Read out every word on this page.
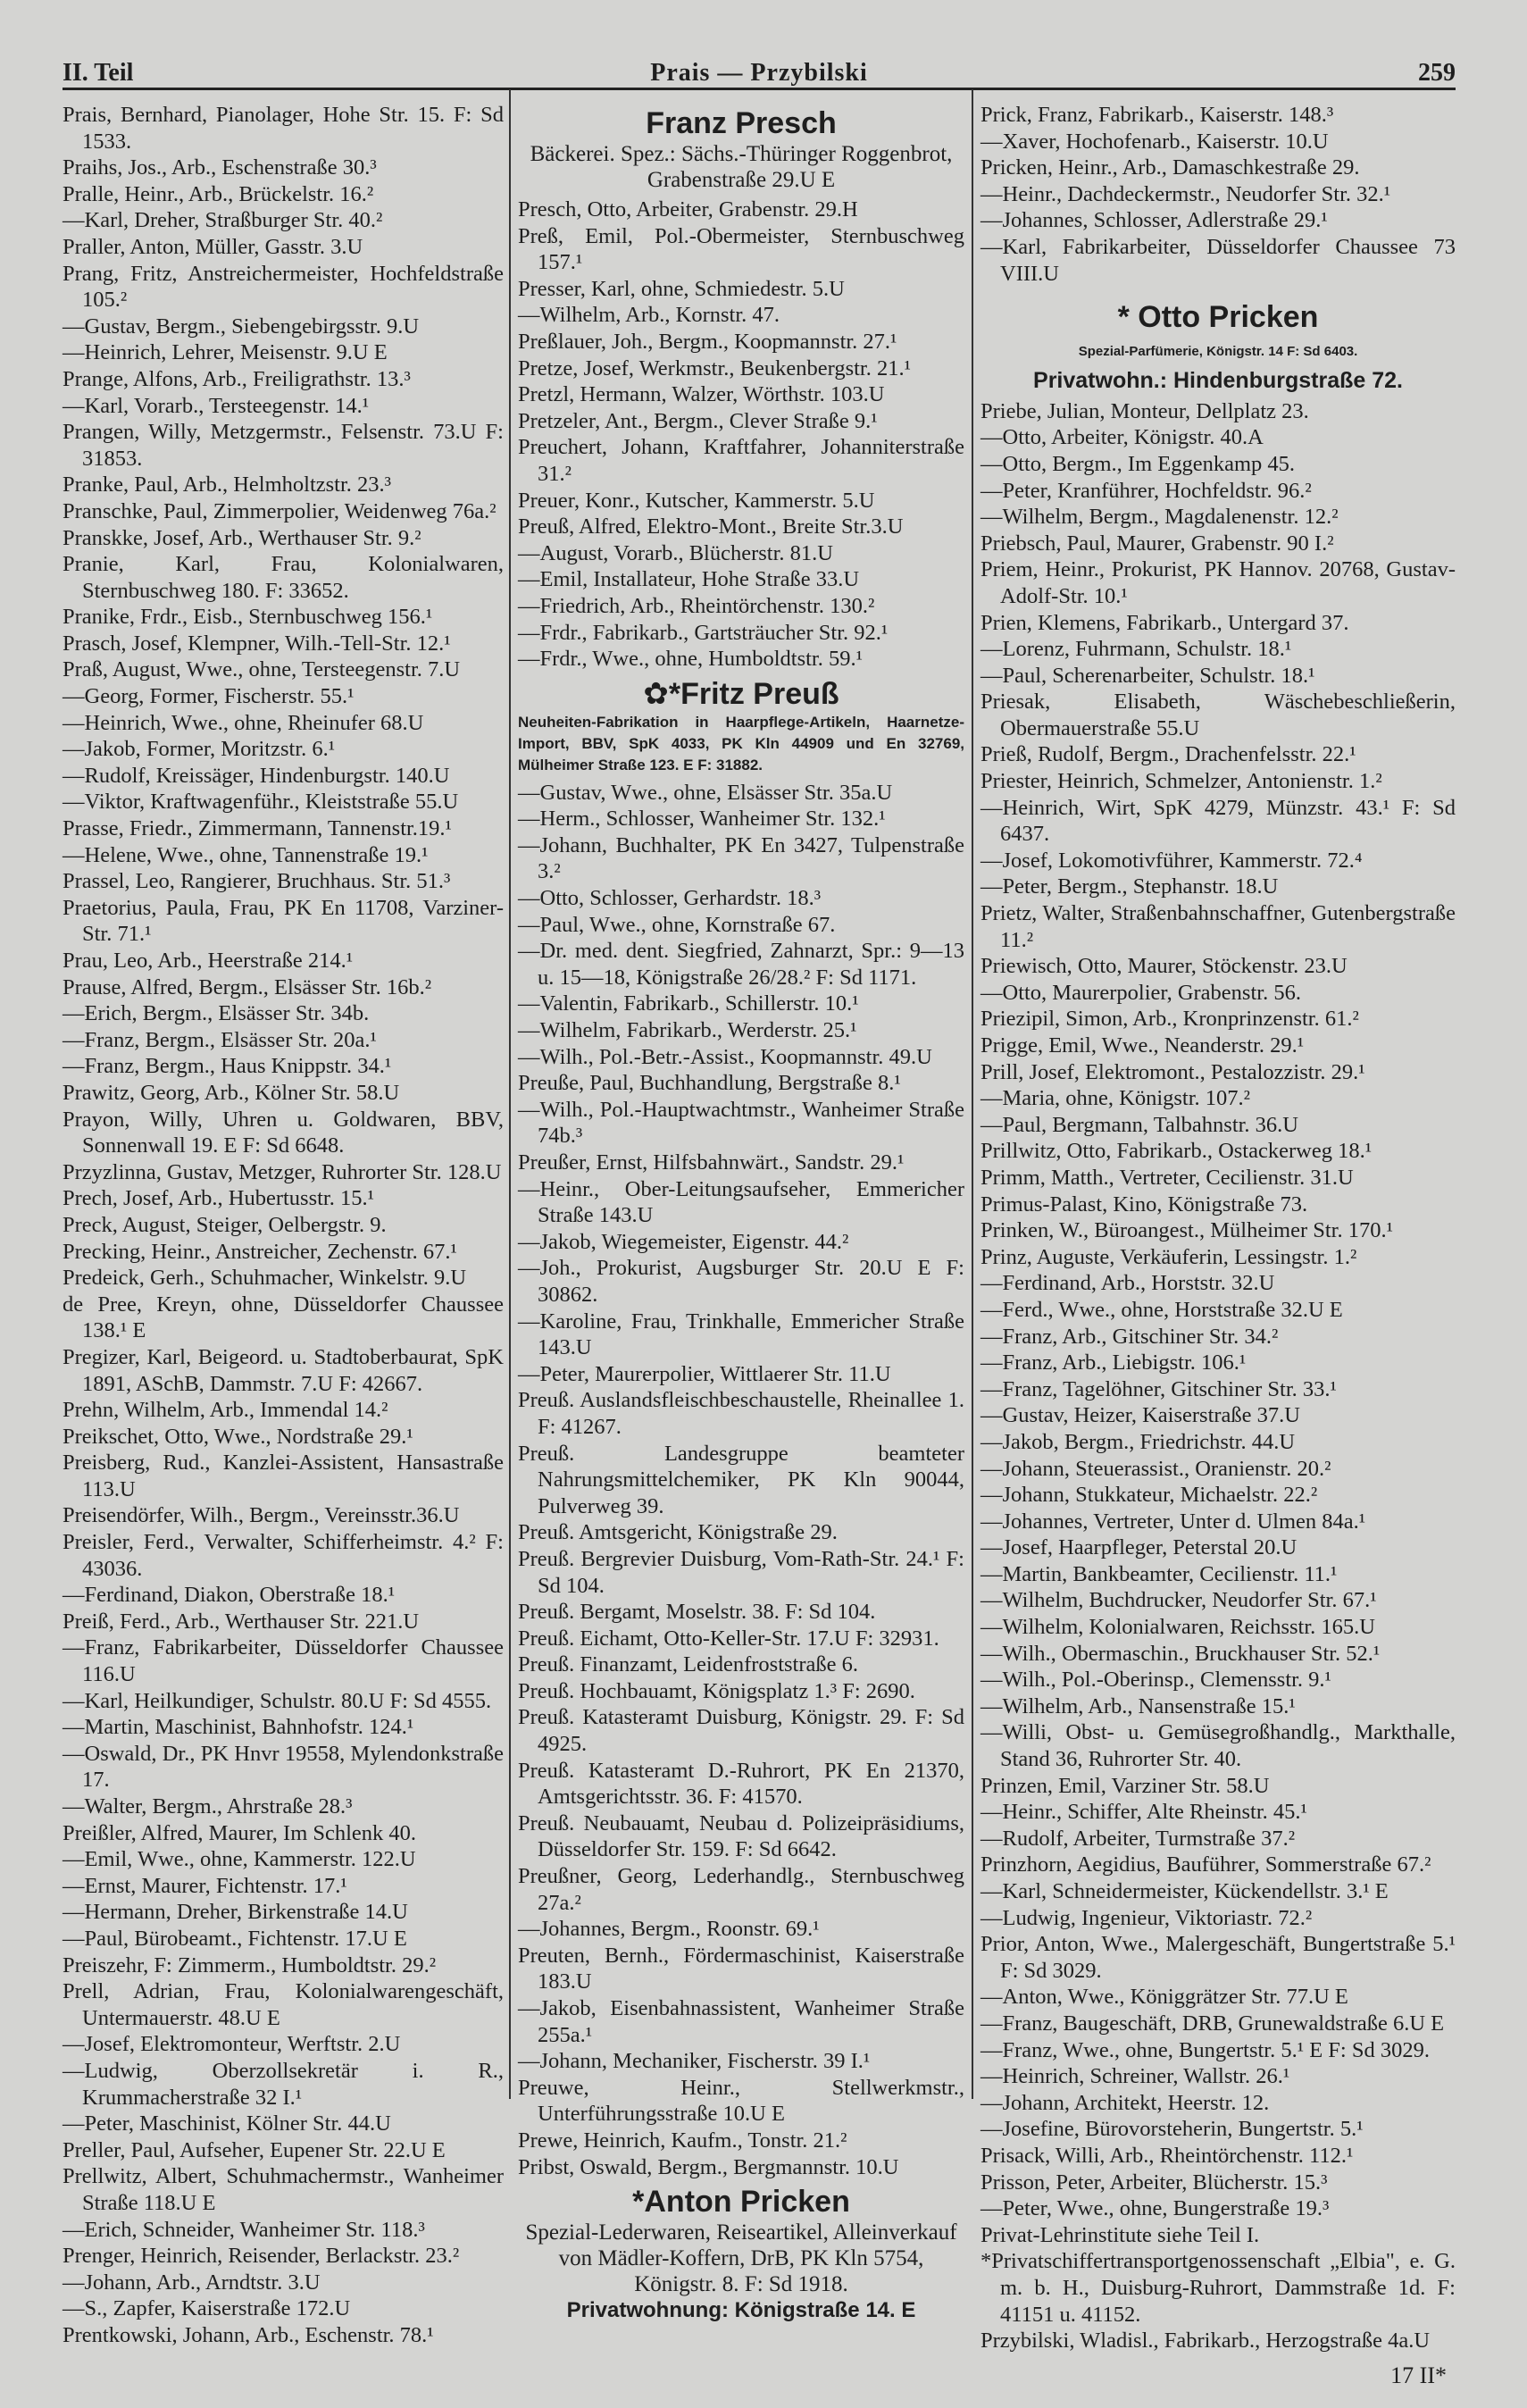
II. Teil	Prais — Przybilski	259
Prais, Bernhard, Pianolager, Hohe Str. 15. F: Sd 1533.
Praihs, Jos., Arb., Eschenstraße 30.³
Pralle, Heinr., Arb., Brückelstr. 16.²
—Karl, Dreher, Straßburger Str. 40.²
Praller, Anton, Müller, Gasstr. 3.U
Prang, Fritz, Anstreichermeister, Hochfeldstraße 105.²
—Gustav, Bergm., Siebengebirgsstr. 9.U
—Heinrich, Lehrer, Meisenstr. 9.U E
Prange, Alfons, Arb., Freiligrathstr. 13.³
—Karl, Vorarb., Tersteegenstr. 14.¹
Prangen, Willy, Metzgermstr., Felsenstr. 73.U F: 31853.
Pranke, Paul, Arb., Helmholtzstr. 23.³
Pranschke, Paul, Zimmerpolier, Weidenweg 76a.²
Pranskke, Josef, Arb., Werthauser Str. 9.²
Pranie, Karl, Frau, Kolonialwaren, Sternbuschweg 180. F: 33652.
Pranike, Frdr., Eisb., Sternbuschweg 156.¹
Prasch, Josef, Klempner, Wilh.-Tell-Str. 12.¹
Praß, August, Wwe., ohne, Tersteegenstr. 7.U
—Georg, Former, Fischerstr. 55.¹
—Heinrich, Wwe., ohne, Rheinufer 68.U
—Jakob, Former, Moritzstr. 6.¹
—Rudolf, Kreissäger, Hindenburgstr. 140.U
—Viktor, Kraftwagenführ., Kleiststraße 55.U
Prasse, Friedr., Zimmermann, Tannenstr.19.¹
—Helene, Wwe., ohne, Tannenstraße 19.¹
Prassel, Leo, Rangierer, Bruchhaus. Str. 51.³
Praetorius, Paula, Frau, PK En 11708, Varziner-Str. 71.¹
Prau, Leo, Arb., Heerstraße 214.¹
Prause, Alfred, Bergm., Elsässer Str. 16b.²
—Erich, Bergm., Elsässer Str. 34b.
—Franz, Bergm., Elsässer Str. 20a.¹
—Franz, Bergm., Haus Knippstr. 34.¹
Prawitz, Georg, Arb., Kölner Str. 58.U
Prayon, Willy, Uhren u. Goldwaren, BBV, Sonnenwall 19. E F: Sd 6648.
Przyzlinna, Gustav, Metzger, Ruhrorter Str. 128.U
Prech, Josef, Arb., Hubertusstr. 15.¹
Preck, August, Steiger, Oelbergstr. 9.
Precking, Heinr., Anstreicher, Zechenstr. 67.¹
Predeick, Gerh., Schuhmacher, Winkelstr. 9.U
de Pree, Kreyn, ohne, Düsseldorfer Chaussee 138.¹ E
Pregizer, Karl, Beigeord. u. Stadtoberbaurat, SpK 1891, ASchB, Dammstr. 7.U F: 42667.
Prehn, Wilhelm, Arb., Immendal 14.²
Preikschet, Otto, Wwe., Nordstraße 29.¹
Preisberg, Rud., Kanzlei-Assistent, Hansastraße 113.U
Preisendörfer, Wilh., Bergm., Vereinsstr.36.U
Preisler, Ferd., Verwalter, Schifferheimstr. 4.² F: 43036.
—Ferdinand, Diakon, Oberstraße 18.¹
Preiß, Ferd., Arb., Werthauser Str. 221.U
—Franz, Fabrikarbeiter, Düsseldorfer Chaussee 116.U
—Karl, Heilkundiger, Schulstr. 80.U F: Sd 4555.
—Martin, Maschinist, Bahnhofstr. 124.¹
—Oswald, Dr., PK Hnvr 19558, Mylendonkstraße 17.
—Walter, Bergm., Ahrstraße 28.³
Preißler, Alfred, Maurer, Im Schlenk 40.
—Emil, Wwe., ohne, Kammerstr. 122.U
—Ernst, Maurer, Fichtenstr. 17.¹
—Hermann, Dreher, Birkenstraße 14.U
—Paul, Bürobeamt., Fichtenstr. 17.U E
Preiszehr, F: Zimmerm., Humboldtstr. 29.²
Prell, Adrian, Frau, Kolonialwarengeschäft, Untermauerstr. 48.U E
—Josef, Elektromonteur, Werftstr. 2.U
—Ludwig, Oberzollsekretär i. R., Krummacherstraße 32 I.¹
—Peter, Maschinist, Kölner Str. 44.U
Preller, Paul, Aufseher, Eupener Str. 22.U E
Prellwitz, Albert, Schuhmachermstr., Wanheimer Straße 118.U E
—Erich, Schneider, Wanheimer Str. 118.³
Prenger, Heinrich, Reisender, Berlackstr. 23.²
—Johann, Arb., Arndtstr. 3.U
—S., Zapfer, Kaiserstraße 172.U
Prentkowski, Johann, Arb., Eschenstr. 78.¹
Franz Presch
Bäckerei. Spez.: Sächs.-Thüringer Roggenbrot, Grabenstraße 29.U E
Presch, Otto, Arbeiter, Grabenstr. 29.H
Preß, Emil, Pol.-Obermeister, Sternbuschweg 157.¹
Presser, Karl, ohne, Schmiedestr. 5.U
—Wilhelm, Arb., Kornstr. 47.
Preßlauer, Joh., Bergm., Koopmannstr. 27.¹
Pretze, Josef, Werkmstr., Beukenbergstr. 21.¹
Pretzl, Hermann, Walzer, Wörthstr. 103.U
Pretzeler, Ant., Bergm., Clever Straße 9.¹
Preuchert, Johann, Kraftfahrer, Johanniterstraße 31.²
Preuer, Konr., Kutscher, Kammerstr. 5.U
Preuß, Alfred, Elektro-Mont., Breite Str.3.U
—August, Vorarb., Blücherstr. 81.U
—Emil, Installateur, Hohe Straße 33.U
—Friedrich, Arb., Rheintörchenstr. 130.²
—Frdr., Fabrikarb., Gartsträucher Str. 92.¹
—Frdr., Wwe., ohne, Humboldtstr. 59.¹
✿*Fritz Preuß
Neuheiten-Fabrikation in Haarpflege-Artikeln, Haarnetze-Import, BBV, SpK 4033, PK Kln 44909 und En 32769, Mülheimer Straße 123. E F: 31882.
—Gustav, Wwe., ohne, Elsässer Str. 35a.U
—Herm., Schlosser, Wanheimer Str. 132.¹
—Johann, Buchhalter, PK En 3427, Tulpenstraße 3.²
—Otto, Schlosser, Gerhardstr. 18.³
—Paul, Wwe., ohne, Kornstraße 67.
—Dr. med. dent. Siegfried, Zahnarzt, Spr.: 9—13 u. 15—18, Königstraße 26/28.² F: Sd 1171.
—Valentin, Fabrikarb., Schillerstr. 10.¹
—Wilhelm, Fabrikarb., Werderstr. 25.¹
—Wilh., Pol.-Betr.-Assist., Koopmannstr. 49.U
Preuße, Paul, Buchhandlung, Bergstraße 8.¹
—Wilh., Pol.-Hauptwachtmstr., Wanheimer Straße 74b.³
Preußer, Ernst, Hilfsbahnwärt., Sandstr. 29.¹
—Heinr., Ober-Leitungsaufseher, Emmericher Straße 143.U
—Jakob, Wiegemeister, Eigenstr. 44.²
—Joh., Prokurist, Augsburger Str. 20.U E F: 30862.
—Karoline, Frau, Trinkhalle, Emmericher Straße 143.U
—Peter, Maurerpolier, Wittlaerer Str. 11.U
Preuß. Auslandsfleischbeschaustelle, Rheinallee 1. F: 41267.
Preuß. Landesgruppe beamteter Nahrungsmittelchemiker, PK Kln 90044, Pulverweg 39.
Preuß. Amtsgericht, Königstraße 29.
Preuß. Bergrevier Duisburg, Vom-Rath-Str. 24.¹ F: Sd 104.
Preuß. Bergamt, Moselstr. 38. F: Sd 104.
Preuß. Eichamt, Otto-Keller-Str. 17.U F: 32931.
Preuß. Finanzamt, Leidenfroststraße 6.
Preuß. Hochbauamt, Königsplatz 1.³ F: 2690.
Preuß. Katasteramt Duisburg, Königstr. 29. F: Sd 4925.
Preuß. Katasteramt D.-Ruhrort, PK En 21370, Amtsgerichtsstr. 36. F: 41570.
Preuß. Neubauamt, Neubau d. Polizeipräsidiums, Düsseldorfer Str. 159. F: Sd 6642.
Preußner, Georg, Lederhandlg., Sternbuschweg 27a.²
—Johannes, Bergm., Roonstr. 69.¹
Preuten, Bernh., Fördermaschinist, Kaiserstraße 183.U
—Jakob, Eisenbahnassistent, Wanheimer Straße 255a.¹
—Johann, Mechaniker, Fischerstr. 39 I.¹
Preuwe, Heinr., Stellwerkmstr., Unterführungsstraße 10.U E
Prewe, Heinrich, Kaufm., Tonstr. 21.²
Pribst, Oswald, Bergm., Bergmannstr. 10.U
*Anton Pricken
Spezial-Lederwaren, Reiseartikel, Alleinverkauf von Mädler-Koffern, DrB, PK Kln 5754, Königstr. 8. F: Sd 1918.
Privatwohnung: Königstraße 14. E
Prick, Franz, Fabrikarb., Kaiserstr. 148.³
—Xaver, Hochofenarb., Kaiserstr. 10.U
Pricken, Heinr., Arb., Damaschkestraße 29.
—Heinr., Dachdeckermstr., Neudorfer Str. 32.¹
—Johannes, Schlosser, Adlerstraße 29.¹
—Karl, Fabrikarbeiter, Düsseldorfer Chaussee 73 VIII.U
* Otto Pricken
Spezial-Parfümerie, Königstr. 14 F: Sd 6403.
Privatwohn.: Hindenburgstraße 72.
Priebe, Julian, Monteur, Dellplatz 23.
—Otto, Arbeiter, Königstr. 40.A
—Otto, Bergm., Im Eggenkamp 45.
—Peter, Kranführer, Hochfeldstr. 96.²
—Wilhelm, Bergm., Magdalenenstr. 12.²
Priebsch, Paul, Maurer, Grabenstr. 90 I.²
Priem, Heinr., Prokurist, PK Hannov. 20768, Gustav-Adolf-Str. 10.¹
Prien, Klemens, Fabrikarb., Untergard 37.
—Lorenz, Fuhrmann, Schulstr. 18.¹
—Paul, Scherenarbeiter, Schulstr. 18.¹
Priesak, Elisabeth, Wäschebeschließerin, Obermauerstraße 55.U
Prieß, Rudolf, Bergm., Drachenfelsstr. 22.¹
Priester, Heinrich, Schmelzer, Antonienstr. 1.²
—Heinrich, Wirt, SpK 4279, Münzstr. 43.¹ F: Sd 6437.
—Josef, Lokomotivführer, Kammerstr. 72.⁴
—Peter, Bergm., Stephanstr. 18.U
Prietz, Walter, Straßenbahnschaffner, Gutenbergstraße 11.²
Priewisch, Otto, Maurer, Stöckenstr. 23.U
—Otto, Maurerpolier, Grabenstr. 56.
Priezipil, Simon, Arb., Kronprinzenstr. 61.²
Prigge, Emil, Wwe., Neanderstr. 29.¹
Prill, Josef, Elektromont., Pestalozzistr. 29.¹
—Maria, ohne, Königstr. 107.²
—Paul, Bergmann, Talbahnstr. 36.U
Prillwitz, Otto, Fabrikarb., Ostackerweg 18.¹
Primm, Matth., Vertreter, Cecilienstr. 31.U
Primus-Palast, Kino, Königstraße 73.
Prinken, W., Büroangest., Mülheimer Str. 170.¹
Prinz, Auguste, Verkäuferin, Lessingstr. 1.²
—Ferdinand, Arb., Horststr. 32.U
—Ferd., Wwe., ohne, Horststraße 32.U E
—Franz, Arb., Gitschiner Str. 34.²
—Franz, Arb., Liebigstr. 106.¹
—Franz, Tagelöhner, Gitschiner Str. 33.¹
—Gustav, Heizer, Kaiserstraße 37.U
—Jakob, Bergm., Friedrichstr. 44.U
—Johann, Steuerassist., Oranienstr. 20.²
—Johann, Stukkateur, Michaelstr. 22.²
—Johannes, Vertreter, Unter d. Ulmen 84a.¹
—Josef, Haarpfleger, Peterstal 20.U
—Martin, Bankbeamter, Cecilienstr. 11.¹
—Wilhelm, Buchdrucker, Neudorfer Str. 67.¹
—Wilhelm, Kolonialwaren, Reichsstr. 165.U
—Wilh., Obermaschin., Bruckhauser Str. 52.¹
—Wilh., Pol.-Oberinsp., Clemensstr. 9.¹
—Wilhelm, Arb., Nansenstraße 15.¹
—Willi, Obst- u. Gemüsegroßhandlg., Markthalle, Stand 36, Ruhrorter Str. 40.
Prinzen, Emil, Varziner Str. 58.U
—Heinr., Schiffer, Alte Rheinstr. 45.¹
—Rudolf, Arbeiter, Turmstraße 37.²
Prinzhorn, Aegidius, Bauführer, Sommerstraße 67.²
—Karl, Schneidermeister, Kückendellstr. 3.¹ E
—Ludwig, Ingenieur, Viktoriastr. 72.²
Prior, Anton, Wwe., Malergeschäft, Bungertstraße 5.¹ F: Sd 3029.
—Anton, Wwe., Königgrätzer Str. 77.U E
—Franz, Baugeschäft, DRB, Grunewaldstraße 6.U E
—Franz, Wwe., ohne, Bungertstr. 5.¹ E F: Sd 3029.
—Heinrich, Schreiner, Wallstr. 26.¹
—Johann, Architekt, Heerstr. 12.
—Josefine, Bürovorsteherin, Bungertstr. 5.¹
Prisack, Willi, Arb., Rheintörchenstr. 112.¹
Prisson, Peter, Arbeiter, Blücherstr. 15.³
—Peter, Wwe., ohne, Bungerstraße 19.³
Privat-Lehrinstitute siehe Teil I.
*Privatschiffertransportgenossenschaft „Elbia", e. G. m. b. H., Duisburg-Ruhrort, Dammstraße 1d. F: 41151 u. 41152.
Przybilski, Wladisl., Fabrikarb., Herzogstraße 4a.U
17 II*
